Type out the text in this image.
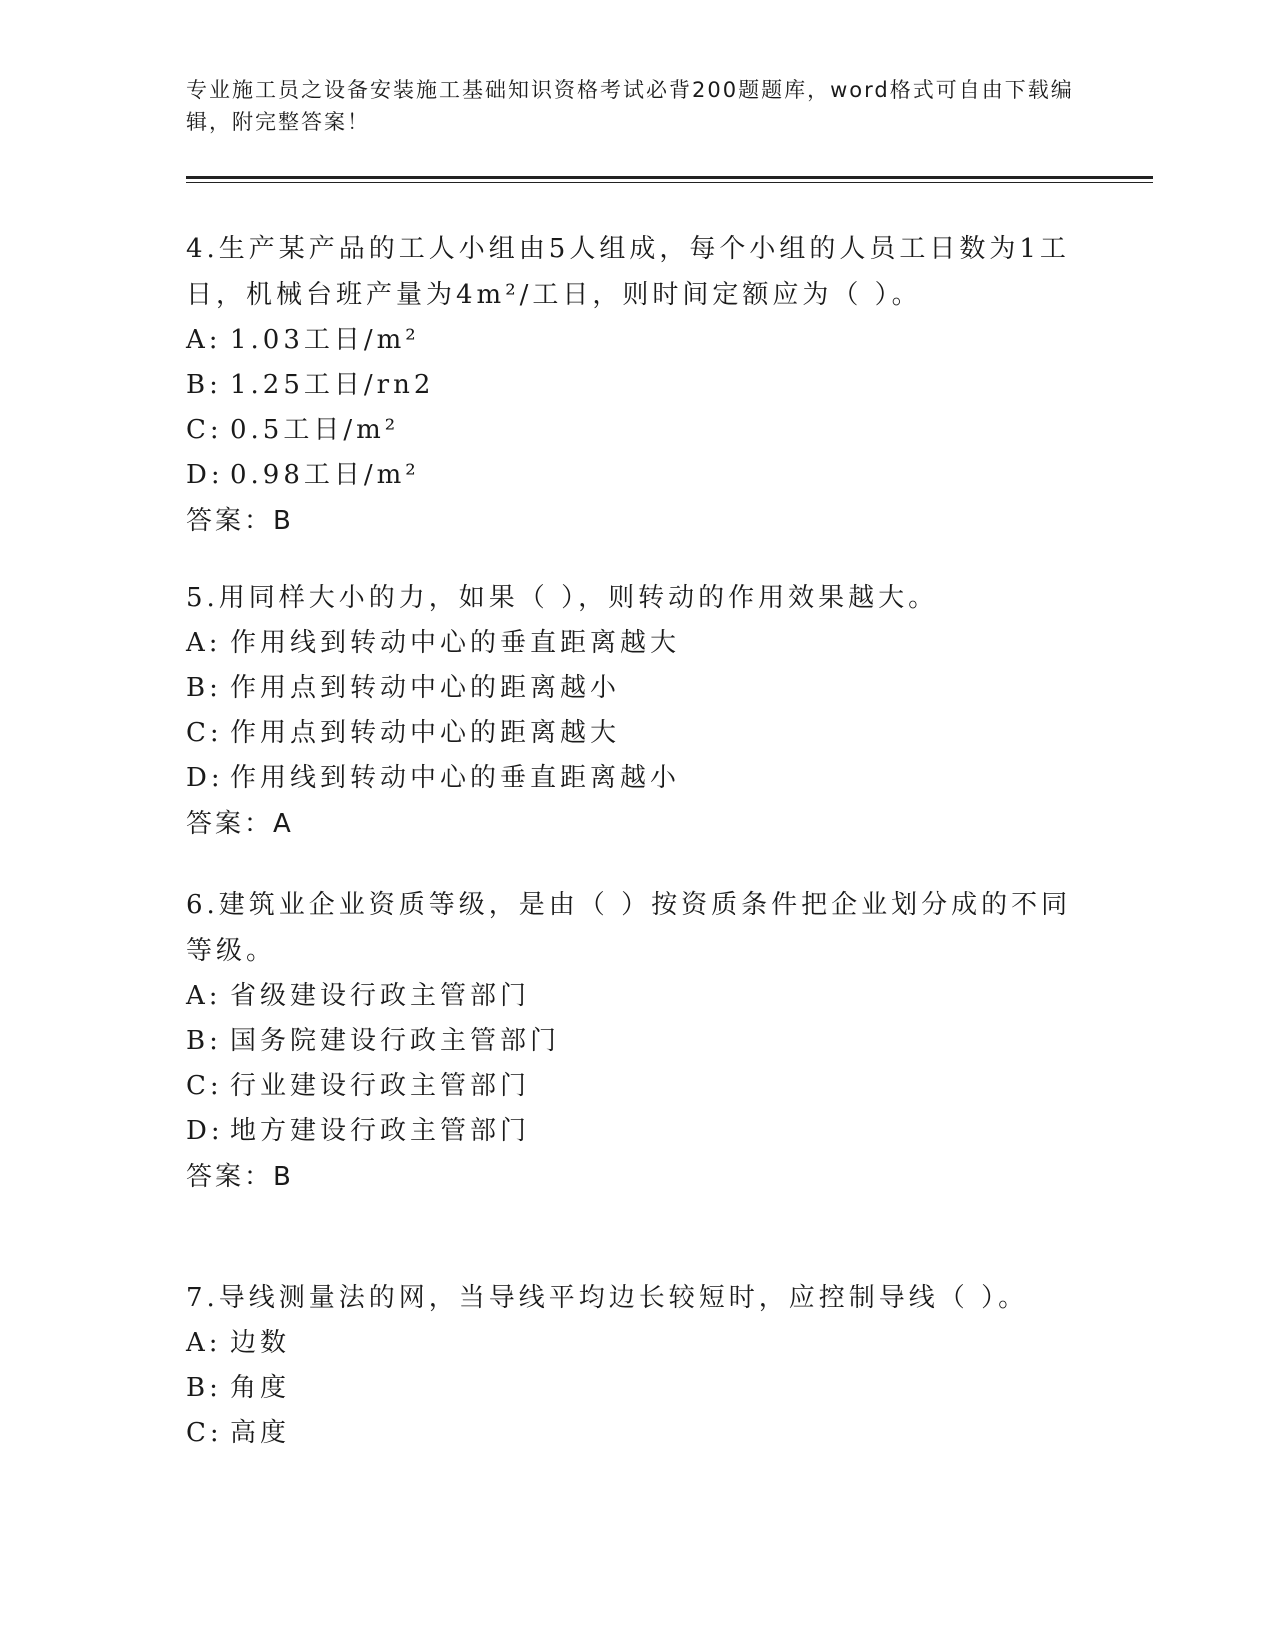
专业施工员之设备安装施工基础知识资格考试必背200题题库，word格式可自由下载编辑，附完整答案！

4.生产某产品的工人小组由5人组成，每个小组的人员工日数为1工日，机械台班产量为4m²/工日，则时间定额应为（ ）。

A: 1.03工日/m²

B: 1.25工日/rn2

C: 0.5工日/m²

D: 0.98工日/m²

答案：B

5.用同样大小的力，如果（ ），则转动的作用效果越大。

A: 作用线到转动中心的垂直距离越大

B: 作用点到转动中心的距离越小

C: 作用点到转动中心的距离越大

D: 作用线到转动中心的垂直距离越小

答案：A

6.建筑业企业资质等级，是由（ ）按资质条件把企业划分成的不同等级。

A: 省级建设行政主管部门

B: 国务院建设行政主管部门

C: 行业建设行政主管部门

D: 地方建设行政主管部门

答案：B

7.导线测量法的网，当导线平均边长较短时，应控制导线（ ）。

A: 边数

B: 角度

C: 高度
